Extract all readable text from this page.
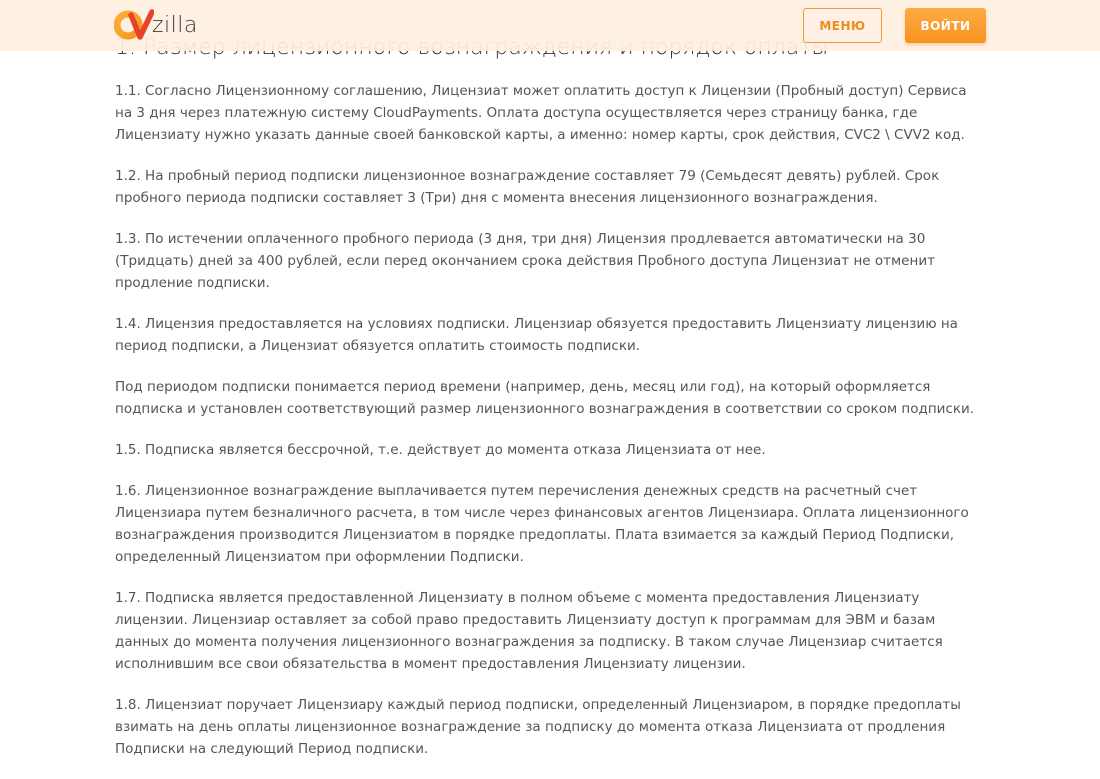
1.1. Согласно Лицензионному соглашению, Лицензиат может оплатить доступ к Лицензии (Пробный доступ) Сервиса на 3 дня через платежную систему CloudPayments. Оплата доступа осуществляется через страницу банка, где Лицензиату нужно указать данные своей банковской карты, а именно: номер карты, срок действия, CVC2 \ CVV2 код.

1.2. На пробный период подписки лицензионное вознаграждение составляет 79 (Семьдесят девять) рублей. Срок пробного периода подписки составляет 3 (Три) дня с момента внесения лицензионного вознаграждения.

1.3. По истечении оплаченного пробного периода (3 дня, три дня) Лицензия продлевается автоматически на 30 (Тридцать) дней за 400 рублей, если перед окончанием срока действия Пробного доступа Лицензиат не отменит продление подписки.

1.4. Лицензия предоставляется на условиях подписки. Лицензиар обязуется предоставить Лицензиату лицензию на период подписки, а Лицензиат обязуется оплатить стоимость подписки.

Под периодом подписки понимается период времени (например, день, месяц или год), на который оформляется подписка и установлен соответствующий размер лицензионного вознаграждения в соответствии со сроком подписки.

1.5. Подписка является бессрочной, т.е. действует до момента отказа Лицензиата от нее.

1.6. Лицензионное вознаграждение выплачивается путем перечисления денежных средств на расчетный счет Лицензиара путем безналичного расчета, в том числе через финансовых агентов Лицензиара. Оплата лицензионного вознаграждения производится Лицензиатом в порядке предоплаты. Плата взимается за каждый Период Подписки, определенный Лицензиатом при оформлении Подписки.

1.7. Подписка является предоставленной Лицензиату в полном объеме с момента предоставления Лицензиату лицензии. Лицензиар оставляет за собой право предоставить Лицензиату доступ к программам для ЭВМ и базам данных до момента получения лицензионного вознаграждения за подписку. В таком случае Лицензиар считается исполнившим все свои обязательства в момент предоставления Лицензиату лицензии.

1.8. Лицензиат поручает Лицензиару каждый период подписки, определенный Лицензиаром, в порядке предоплаты взимать на день оплаты лицензионное вознаграждение за подписку до момента отказа Лицензиата от продления Подписки на следующий Период подписки.

zilla	МЕНЮ	ВОЙТИ
